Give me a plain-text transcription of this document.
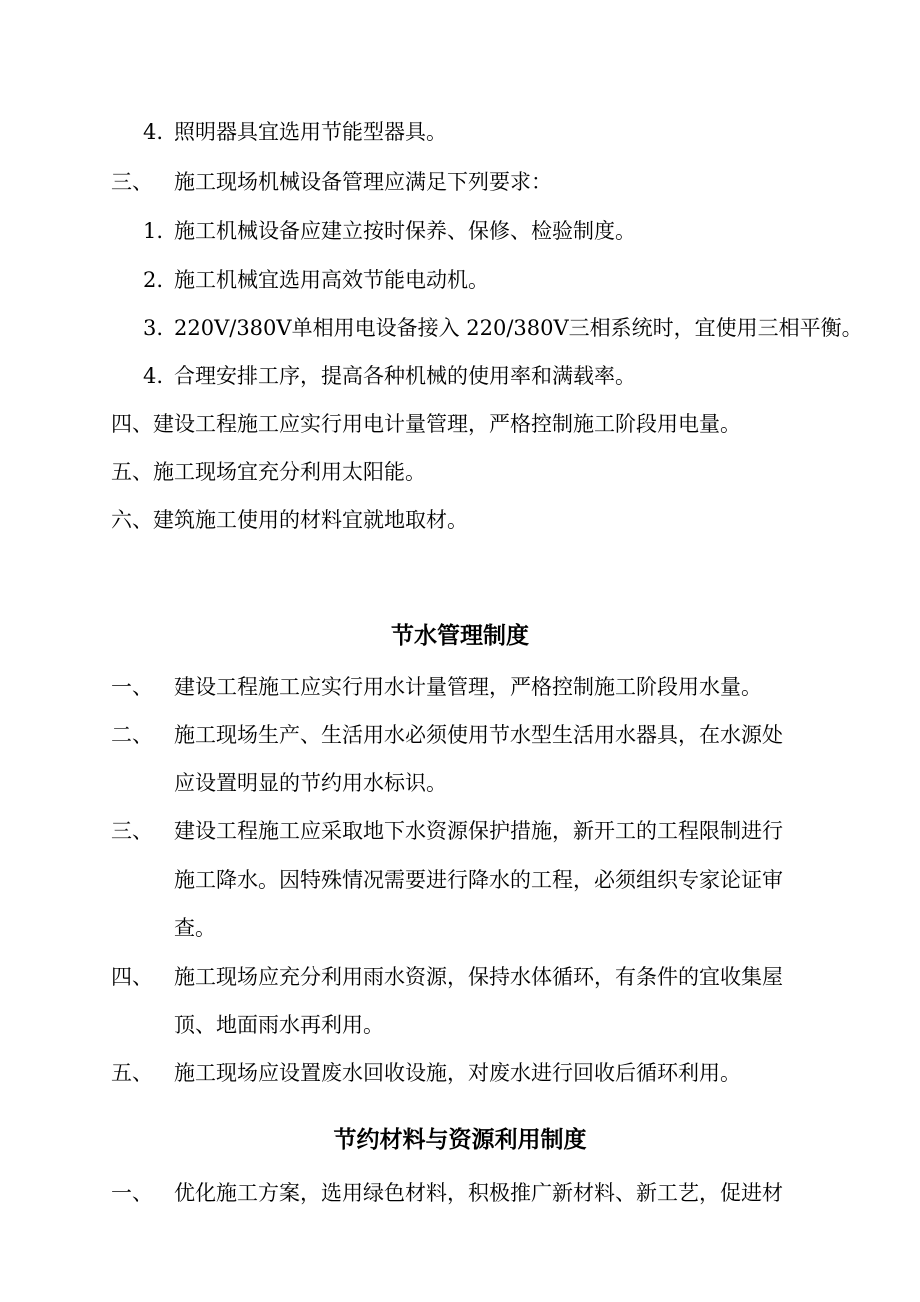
4. 照明器具宜选用节能型器具。
三、 施工现场机械设备管理应满足下列要求：
1. 施工机械设备应建立按时保养、保修、检验制度。
2. 施工机械宜选用高效节能电动机。
3. 220V/380V单相用电设备接入 220/380V三相系统时，宜使用三相平衡。
4. 合理安排工序，提高各种机械的使用率和满载率。
四、建设工程施工应实行用电计量管理，严格控制施工阶段用电量。
五、施工现场宜充分利用太阳能。
六、建筑施工使用的材料宜就地取材。
节水管理制度
一、 建设工程施工应实行用水计量管理，严格控制施工阶段用水量。
二、 施工现场生产、生活用水必须使用节水型生活用水器具，在水源处
应设置明显的节约用水标识。
三、 建设工程施工应采取地下水资源保护措施，新开工的工程限制进行
施工降水。因特殊情况需要进行降水的工程，必须组织专家论证审
查。
四、 施工现场应充分利用雨水资源，保持水体循环，有条件的宜收集屋
顶、地面雨水再利用。
五、 施工现场应设置废水回收设施，对废水进行回收后循环利用。
节约材料与资源利用制度
一、 优化施工方案，选用绿色材料，积极推广新材料、新工艺，促进材
